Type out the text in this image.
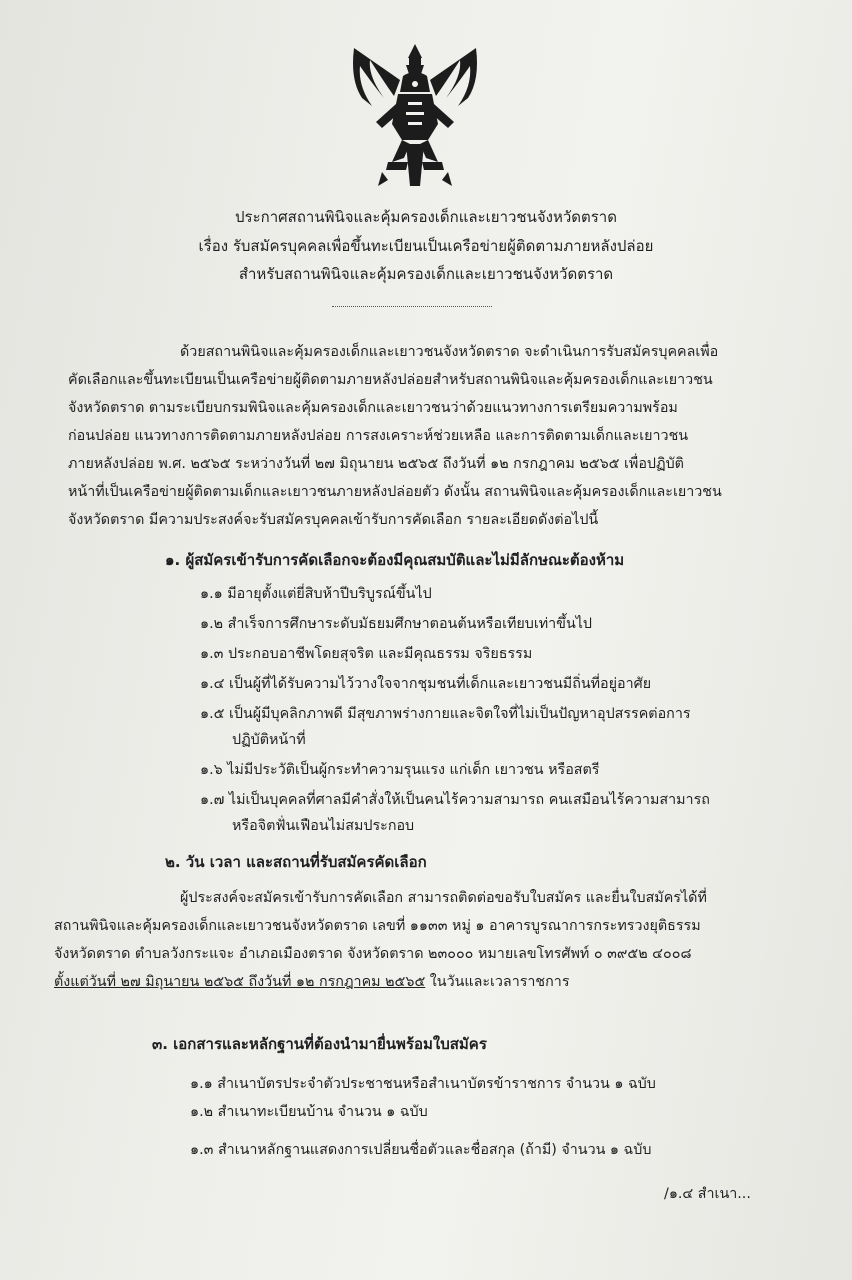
ประกาศสถานพินิจและคุ้มครองเด็กและเยาวชนจังหวัดตราด
เรื่อง รับสมัครบุคคลเพื่อขึ้นทะเบียนเป็นเครือข่ายผู้ติดตามภายหลังปล่อย
สำหรับสถานพินิจและคุ้มครองเด็กและเยาวชนจังหวัดตราด
ด้วยสถานพินิจและคุ้มครองเด็กและเยาวชนจังหวัดตราด จะดำเนินการรับสมัครบุคคลเพื่อ
คัดเลือกและขึ้นทะเบียนเป็นเครือข่ายผู้ติดตามภายหลังปล่อยสำหรับสถานพินิจและคุ้มครองเด็กและเยาวชน
จังหวัดตราด ตามระเบียบกรมพินิจและคุ้มครองเด็กและเยาวชนว่าด้วยแนวทางการเตรียมความพร้อม
ก่อนปล่อย แนวทางการติดตามภายหลังปล่อย การสงเคราะห์ช่วยเหลือ และการติดตามเด็กและเยาวชน
ภายหลังปล่อย พ.ศ. ๒๕๖๕ ระหว่างวันที่ ๒๗ มิถุนายน ๒๕๖๕ ถึงวันที่ ๑๒ กรกฎาคม ๒๕๖๕ เพื่อปฏิบัติ
หน้าที่เป็นเครือข่ายผู้ติดตามเด็กและเยาวชนภายหลังปล่อยตัว ดังนั้น สถานพินิจและคุ้มครองเด็กและเยาวชน
จังหวัดตราด มีความประสงค์จะรับสมัครบุคคลเข้ารับการคัดเลือก รายละเอียดดังต่อไปนี้
๑. ผู้สมัครเข้ารับการคัดเลือกจะต้องมีคุณสมบัติและไม่มีลักษณะต้องห้าม
๑.๑ มีอายุตั้งแต่ยี่สิบห้าปีบริบูรณ์ขึ้นไป
๑.๒ สำเร็จการศึกษาระดับมัธยมศึกษาตอนต้นหรือเทียบเท่าขึ้นไป
๑.๓ ประกอบอาชีพโดยสุจริต และมีคุณธรรม จริยธรรม
๑.๔ เป็นผู้ที่ได้รับความไว้วางใจจากชุมชนที่เด็กและเยาวชนมีถิ่นที่อยู่อาศัย
๑.๕ เป็นผู้มีบุคลิกภาพดี มีสุขภาพร่างกายและจิตใจที่ไม่เป็นปัญหาอุปสรรคต่อการ
ปฏิบัติหน้าที่
๑.๖ ไม่มีประวัติเป็นผู้กระทำความรุนแรง แก่เด็ก เยาวชน หรือสตรี
๑.๗ ไม่เป็นบุคคลที่ศาลมีคำสั่งให้เป็นคนไร้ความสามารถ คนเสมือนไร้ความสามารถ
หรือจิตฟั่นเฟือนไม่สมประกอบ
๒. วัน เวลา และสถานที่รับสมัครคัดเลือก
ผู้ประสงค์จะสมัครเข้ารับการคัดเลือก สามารถติดต่อขอรับใบสมัคร และยื่นใบสมัครได้ที่
สถานพินิจและคุ้มครองเด็กและเยาวชนจังหวัดตราด เลขที่ ๑๑๓๓ หมู่ ๑ อาคารบูรณาการกระทรวงยุติธรรม
จังหวัดตราด ตำบลวังกระแจะ อำเภอเมืองตราด จังหวัดตราด ๒๓๐๐๐ หมายเลขโทรศัพท์ ๐ ๓๙๕๒ ๔๐๐๘
ตั้งแต่วันที่ ๒๗ มิถุนายน ๒๕๖๕ ถึงวันที่ ๑๒ กรกฎาคม ๒๕๖๕ ในวันและเวลาราชการ
๓. เอกสารและหลักฐานที่ต้องนำมายื่นพร้อมใบสมัคร
๑.๑ สำเนาบัตรประจำตัวประชาชนหรือสำเนาบัตรข้าราชการ จำนวน ๑ ฉบับ
๑.๒ สำเนาทะเบียนบ้าน จำนวน ๑ ฉบับ
๑.๓ สำเนาหลักฐานแสดงการเปลี่ยนชื่อตัวและชื่อสกุล (ถ้ามี) จำนวน ๑ ฉบับ
/๑.๔ สำเนา...
